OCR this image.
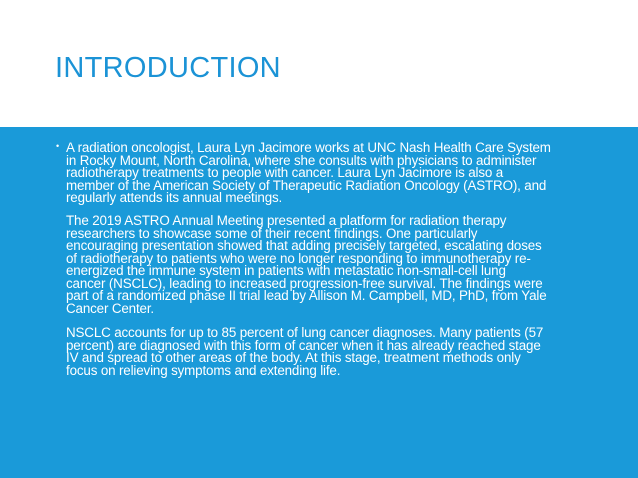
INTRODUCTION
• A radiation oncologist, Laura Lyn Jacimore works at UNC Nash Health Care System
in Rocky Mount, North Carolina, where she consults with physicians to administer
radiotherapy treatments to people with cancer. Laura Lyn Jacimore is also a
member of the American Society of Therapeutic Radiation Oncology (ASTRO), and
regularly attends its annual meetings.
The 2019 ASTRO Annual Meeting presented a platform for radiation therapy
researchers to showcase some of their recent findings. One particularly
encouraging presentation showed that adding precisely targeted, escalating doses
of radiotherapy to patients who were no longer responding to immunotherapy re-
energized the immune system in patients with metastatic non-small-cell lung
cancer (NSCLC), leading to increased progression-free survival. The findings were
part of a randomized phase II trial lead by Allison M. Campbell, MD, PhD, from Yale
Cancer Center.
NSCLC accounts for up to 85 percent of lung cancer diagnoses. Many patients (57
percent) are diagnosed with this form of cancer when it has already reached stage
IV and spread to other areas of the body. At this stage, treatment methods only
focus on relieving symptoms and extending life.
